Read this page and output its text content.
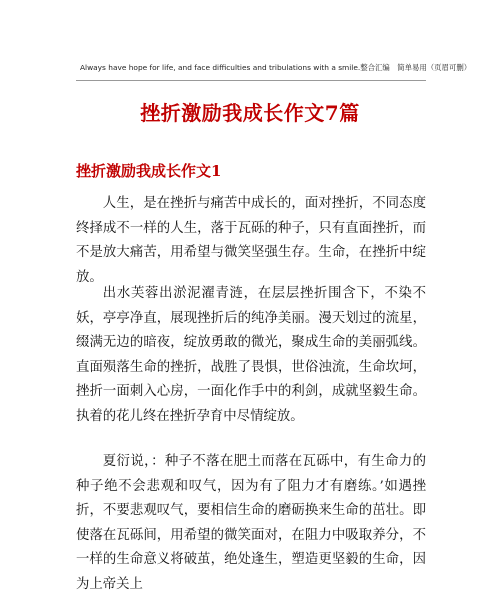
Always have hope for life, and face difficulties and tribulations with a smile.整合汇编　简单易用（页眉可删）
挫折激励我成长作文7篇
挫折激励我成长作文1

人生，是在挫折与痛苦中成长的，面对挫折，不同态度终择成不一样的人生，落于瓦砾的种子，只有直面挫折，而不是放大痛苦，用希望与微笑坚强生存。生命，在挫折中绽放。

出水芙蓉出淤泥濯青涟，在层层挫折围含下，不染不妖，亭亭净直，展现挫折后的纯净美丽。漫天划过的流星，缀满无边的暗夜，绽放勇敢的微光，聚成生命的美丽弧线。直面殒落生命的挫折，战胜了畏惧，世俗浊流，生命坎坷，挫折一面刺入心房，一面化作手中的利剑，成就坚毅生命。执着的花儿终在挫折孕育中尽情绽放。

夏衍说，：种子不落在肥土而落在瓦砾中，有生命力的种子绝不会悲观和叹气，因为有了阻力才有磨练。’如遇挫折，不要悲观叹气，要相信生命的磨砺换来生命的茁壮。即使落在瓦砾间，用希望的微笑面对，在阻力中吸取养分，不一样的生命意义将破茧，绝处逢生，塑造更坚毅的生命，因为上帝关上
